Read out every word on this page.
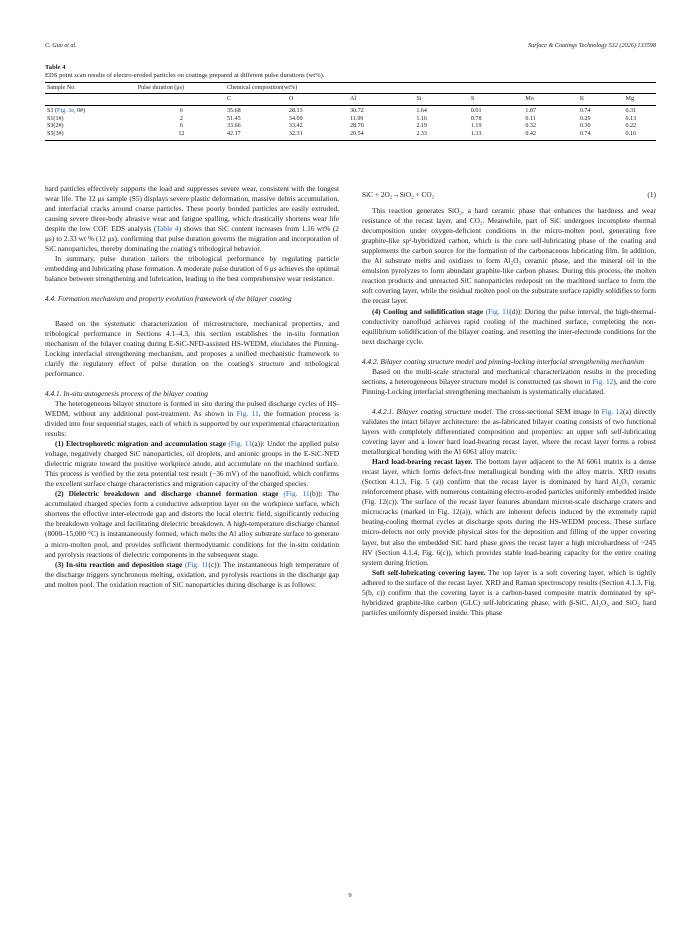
C. Guo et al.	Surface & Coatings Technology 532 (2026) 133598
Table 4
EDS point scan results of electro-eroded particles on coatings prepared at different pulse durations (wt%).
Sample No.	Pulse duration (μs)	Chemical composition(wt%)							
		C	O	Al	Si	S	Mo	K	Mg
S3 (Fig. 3e, 0#)	6	35.68	28.13	30.72	1.64	0.01	1.87	0.74	0.31
S1(1#)	2	51.45	34.09	11.99	1.16	0.78	0.11	0.29	0.13
S3(2#)	6	33.66	33.42	28.70	2.19	1.19	0.32	0.30	0.22
S5(3#)	12	42.17	32.31	20.54	2.33	1.33	0.42	0.74	0.16

hard particles effectively supports the load and suppresses severe wear, consistent with the longest wear life. The 12 μs sample (S5) displays severe plastic deformation, massive debris accumulation, and interfacial cracks around coarse particles. These poorly bonded particles are easily extruded, causing severe three-body abrasive wear and fatigue spalling, which drastically shortens wear life despite the low COF. EDS analysis (Table 4) shows that SiC content increases from 1.16 wt% (2 μs) to 2.33 wt % (12 μs), confirming that pulse duration governs the migration and incorporation of SiC nanoparticles, thereby dominating the coating's tribological behavior.

In summary, pulse duration tailors the tribological performance by regulating particle embedding and lubricating phase formation. A moderate pulse duration of 6 μs achieves the optimal balance between strengthening and lubrication, leading to the best comprehensive wear resistance.

4.4. Formation mechanism and property evolution framework of the bilayer coating

Based on the systematic characterization of microstructure, mechanical properties, and tribological performance in Sections 4.1–4.3, this section establishes the in-situ formation mechanism of the bilayer coating during E-SiC-NFD-assisted HS-WEDM, elucidates the Pinning-Locking interfacial strengthening mechanism, and proposes a unified mechanistic framework to clarify the regulatory effect of pulse duration on the coating's structure and tribological performance.

4.4.1. In-situ autogenesis process of the bilayer coating

The heterogeneous bilayer structure is formed in situ during the pulsed discharge cycles of HS-WEDM, without any additional post-treatment. As shown in Fig. 11, the formation process is divided into four sequential stages, each of which is supported by our experimental characterization results:

(1) Electrophoretic migration and accumulation stage (Fig. 11(a)): Under the applied pulse voltage, negatively charged SiC nanoparticles, oil droplets, and anionic groups in the E-SiC-NFD dielectric migrate toward the positive workpiece anode, and accumulate on the machined surface. This process is verified by the zeta potential test result (−36 mV) of the nanofluid, which confirms the excellent surface charge characteristics and migration capacity of the charged species.

(2) Dielectric breakdown and discharge channel formation stage (Fig. 11(b)): The accumulated charged species form a conductive adsorption layer on the workpiece surface, which shortens the effective inter-electrode gap and distorts the local electric field, significantly reducing the breakdown voltage and facilitating dielectric breakdown. A high-temperature discharge channel (8000–15,000 °C) is instantaneously formed, which melts the Al alloy substrate surface to generate a micro-molten pool, and provides sufficient thermodynamic conditions for the in-situ oxidation and pyrolysis reactions of dielectric components in the subsequent stage.

(3) In-situ reaction and deposition stage (Fig. 11(c)): The instantaneous high temperature of the discharge triggers synchronous melting, oxidation, and pyrolysis reactions in the discharge gap and molten pool. The oxidation reaction of SiC nanoparticles during discharge is as follows:

SiC + 2O₂→SiO₂ + CO₂	(1)

This reaction generates SiO₂, a hard ceramic phase that enhances the hardness and wear resistance of the recast layer, and CO₂. Meanwhile, part of SiC undergoes incomplete thermal decomposition under oxygen-deficient conditions in the micro-molten pool, generating free graphite-like sp²-hybridized carbon, which is the core self-lubricating phase of the coating and supplements the carbon source for the formation of the carbonaceous lubricating film. In addition, the Al substrate melts and oxidizes to form Al₂O₃ ceramic phase, and the mineral oil in the emulsion pyrolyzes to form abundant graphite-like carbon phases. During this process, the molten reaction products and unreacted SiC nanoparticles redeposit on the machined surface to form the soft covering layer, while the residual molten pool on the substrate surface rapidly solidifies to form the recast layer.

(4) Cooling and solidification stage (Fig. 11(d)): During the pulse interval, the high-thermal-conductivity nanofluid achieves rapid cooling of the machined surface, completing the non-equilibrium solidification of the bilayer coating, and resetting the inter-electrode conditions for the next discharge cycle.

4.4.2. Bilayer coating structure model and pinning-locking interfacial strengthening mechanism

Based on the multi-scale structural and mechanical characterization results in the preceding sections, a heterogeneous bilayer structure model is constructed (as shown in Fig. 12), and the core Pinning-Locking interfacial strengthening mechanism is systematically elucidated.

4.4.2.1. Bilayer coating structure model. The cross-sectional SEM image in Fig. 12(a) directly validates the intact bilayer architecture: the as-fabricated bilayer coating consists of two functional layers with completely differentiated composition and properties: an upper soft self-lubricating covering layer and a lower hard load-bearing recast layer, where the recast layer forms a robust metallurgical bonding with the Al 6061 alloy matrix:

Hard load-bearing recast layer. The bottom layer adjacent to the Al 6061 matrix is a dense recast layer, which forms defect-free metallurgical bonding with the alloy matrix. XRD results (Section 4.1.3, Fig. 5 (a)) confirm that the recast layer is dominated by hard Al₂O₃ ceramic reinforcement phase, with numerous containing electro-eroded particles uniformly embedded inside (Fig. 12(c)). The surface of the recast layer features abundant micron-scale discharge craters and microcracks (marked in Fig. 12(a)), which are inherent defects induced by the extremely rapid heating-cooling thermal cycles at discharge spots during the HS-WEDM process. These surface micro-defects not only provide physical sites for the deposition and filling of the upper covering layer, but also the embedded SiC hard phase gives the recast layer a high microhardness of ~245 HV (Section 4.1.4, Fig. 6(c)), which provides stable load-bearing capacity for the entire coating system during friction.

Soft self-lubricating covering layer. The top layer is a soft covering layer, which is tightly adhered to the surface of the recast layer. XRD and Raman spectroscopy results (Section 4.1.3, Fig. 5(b, c)) confirm that the covering layer is a carbon-based composite matrix dominated by sp²-hybridized graphite-like carbon (GLC) self-lubricating phase, with β-SiC, Al₂O₃ and SiO₂ hard particles uniformly dispersed inside. This phase

9
